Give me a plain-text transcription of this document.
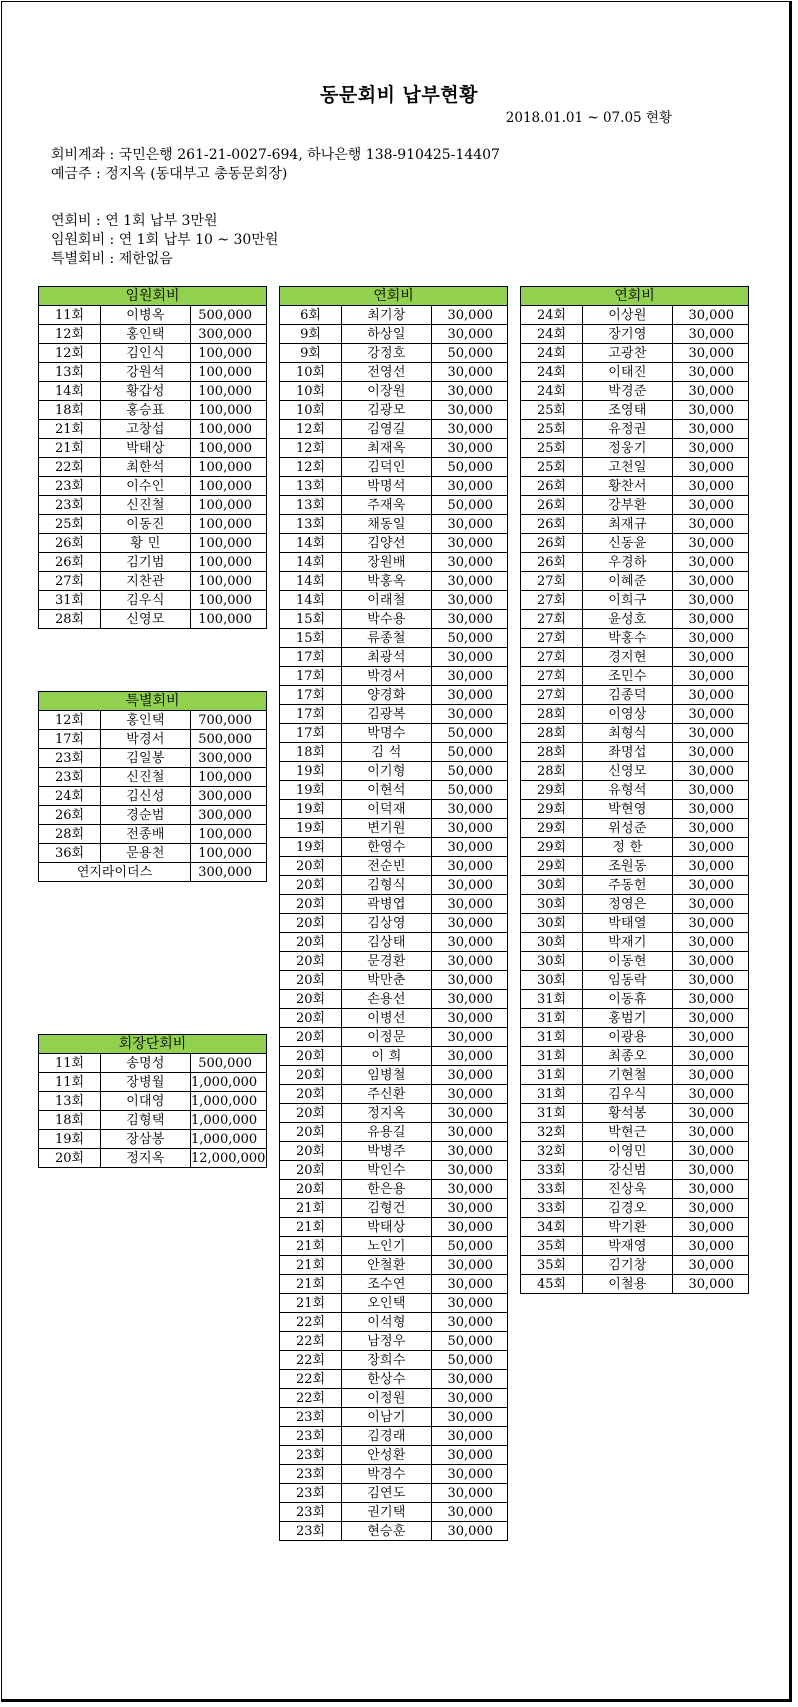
동문회비 납부현황
2018.01.01 ~ 07.05 현황
회비계좌 : 국민은행 261-21-0027-694, 하나은행 138-910425-14407
예금주 : 정지옥 (동대부고 총동문회장)
연회비 : 연 1회 납부 3만원
임원회비 : 연 1회 납부 10 ~ 30만원
특별회비 : 제한없음
임원회비		
11회	이병옥	500,000
12회	홍인택	300,000
12회	김인식	100,000
13회	강원석	100,000
14회	황갑성	100,000
18회	홍승표	100,000
21회	고창섭	100,000
21회	박태상	100,000
22회	최한석	100,000
23회	이수인	100,000
23회	신진철	100,000
25회	이동진	100,000
26회	황 민	100,000
26회	김기범	100,000
27회	지찬관	100,000
31회	김우식	100,000
28회	신영모	100,000
특별회비		
12회	홍인택	700,000
17회	박경서	500,000
23회	김일봉	300,000
23회	신진철	100,000
24회	김신성	300,000
26회	경순범	300,000
28회	전종배	100,000
36회	문용천	100,000
연지라이더스		300,000
회장단회비		
11회	송명성	500,000
11회	장병월	1,000,000
13회	이대영	1,000,000
18회	김형택	1,000,000
19회	장삼봉	1,000,000
20회	정지옥	12,000,000
연회비		
6회	최기창	30,000
9회	하상일	30,000
9회	강정호	50,000
10회	전영선	30,000
10회	이장원	30,000
10회	김광모	30,000
12회	김영길	30,000
12회	최재옥	30,000
12회	김덕인	50,000
13회	박명석	30,000
13회	주재욱	50,000
13회	채동일	30,000
14회	김양선	30,000
14회	장원배	30,000
14회	박홍옥	30,000
14회	이래철	30,000
15회	박수용	30,000
15회	류종철	50,000
17회	최광석	30,000
17회	박경서	30,000
17회	양경화	30,000
17회	김광복	30,000
17회	박명수	50,000
18회	김 석	50,000
19회	이기형	50,000
19회	이현석	50,000
19회	이덕재	30,000
19회	변기원	30,000
19회	한영수	30,000
20회	전순빈	30,000
20회	김형식	30,000
20회	곽병엽	30,000
20회	김상영	30,000
20회	김상태	30,000
20회	문경환	30,000
20회	박만춘	30,000
20회	손용선	30,000
20회	이병선	30,000
20회	이정문	30,000
20회	이 희	30,000
20회	임병철	30,000
20회	주신환	30,000
20회	정지옥	30,000
20회	유용길	30,000
20회	박병주	30,000
20회	박인수	30,000
20회	한은용	30,000
21회	김형건	30,000
21회	박태상	30,000
21회	노인기	50,000
21회	안철환	30,000
21회	조수연	30,000
21회	오인택	30,000
22회	이석형	30,000
22회	남정우	50,000
22회	장희수	50,000
22회	한상수	30,000
22회	이정원	30,000
23회	이남기	30,000
23회	김경래	30,000
23회	안성환	30,000
23회	박경수	30,000
23회	김연도	30,000
23회	권기택	30,000
23회	현승훈	30,000
연회비		
24회	이상원	30,000
24회	장기영	30,000
24회	고광찬	30,000
24회	이태진	30,000
24회	박경준	30,000
25회	조영태	30,000
25회	유정권	30,000
25회	정웅기	30,000
25회	고천일	30,000
26회	황찬서	30,000
26회	강부환	30,000
26회	최재규	30,000
26회	신동윤	30,000
26회	우경하	30,000
27회	이혜준	30,000
27회	이희구	30,000
27회	윤성호	30,000
27회	박홍수	30,000
27회	경지현	30,000
27회	조민수	30,000
27회	김종덕	30,000
28회	이영상	30,000
28회	최형식	30,000
28회	좌명섭	30,000
28회	신영모	30,000
29회	유형석	30,000
29회	박현영	30,000
29회	위성준	30,000
29회	정 한	30,000
29회	조원동	30,000
30회	주동헌	30,000
30회	정영은	30,000
30회	박태열	30,000
30회	박재기	30,000
30회	이동현	30,000
30회	임동락	30,000
31회	이동휴	30,000
31회	홍범기	30,000
31회	이광용	30,000
31회	최종오	30,000
31회	기현철	30,000
31회	김우식	30,000
31회	황석봉	30,000
32회	박현근	30,000
32회	이영민	30,000
33회	강신범	30,000
33회	진상욱	30,000
33회	김경오	30,000
34회	박기환	30,000
35회	박재영	30,000
35회	김기창	30,000
45회	이철용	30,000
